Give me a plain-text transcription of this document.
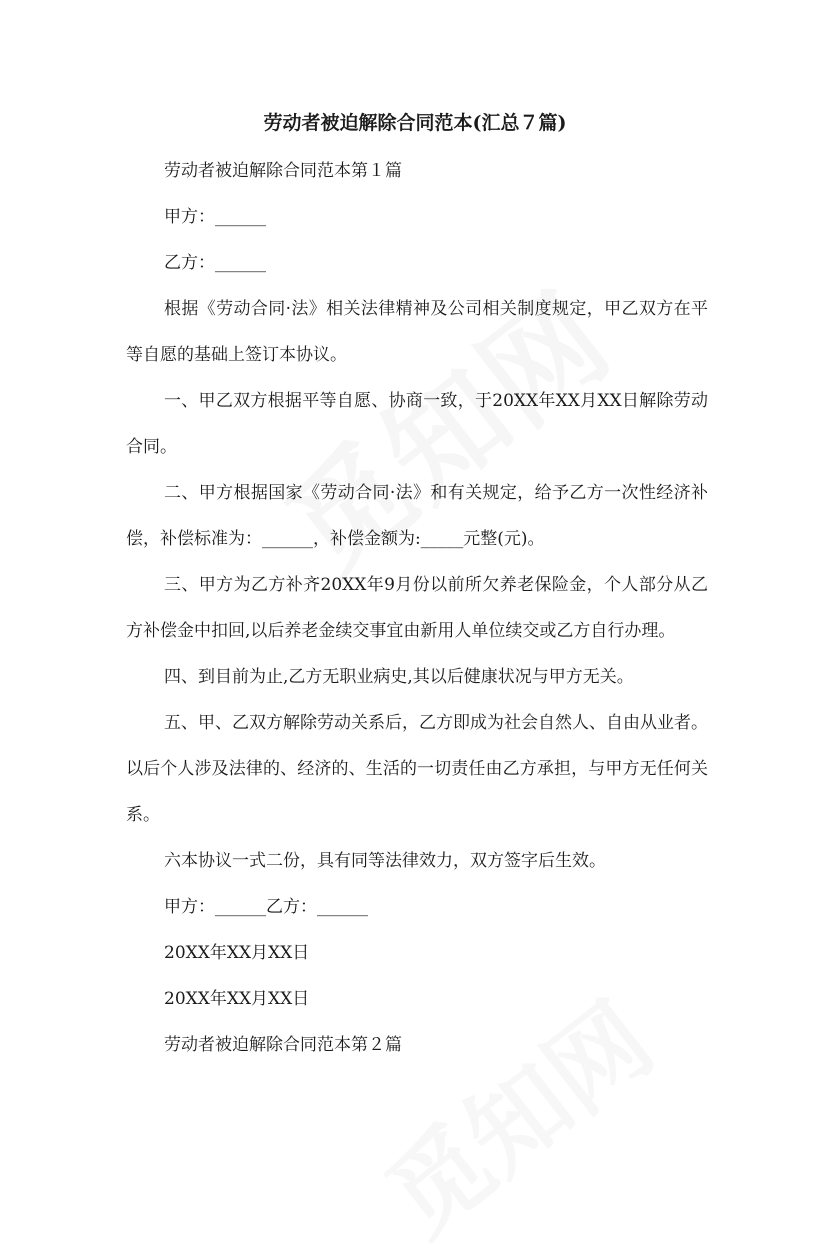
劳动者被迫解除合同范本(汇总７篇)

劳动者被迫解除合同范本第１篇

甲方：______

乙方：______

根据《劳动合同·法》相关法律精神及公司相关制度规定，甲乙双方在平等自愿的基础上签订本协议。

一、甲乙双方根据平等自愿、协商一致，于20XX年XX月XX日解除劳动合同。

二、甲方根据国家《劳动合同·法》和有关规定，给予乙方一次性经济补偿，补偿标准为：______，补偿金额为:_____元整(元)。

三、甲方为乙方补齐20XX年9月份以前所欠养老保险金，个人部分从乙方补偿金中扣回,以后养老金续交事宜由新用人单位续交或乙方自行办理。

四、到目前为止,乙方无职业病史,其以后健康状况与甲方无关。

五、甲、乙双方解除劳动关系后，乙方即成为社会自然人、自由从业者。以后个人涉及法律的、经济的、生活的一切责任由乙方承担，与甲方无任何关系。

六本协议一式二份，具有同等法律效力，双方签字后生效。

甲方：______乙方：______

20XX年XX月XX日

20XX年XX月XX日

劳动者被迫解除合同范本第２篇
